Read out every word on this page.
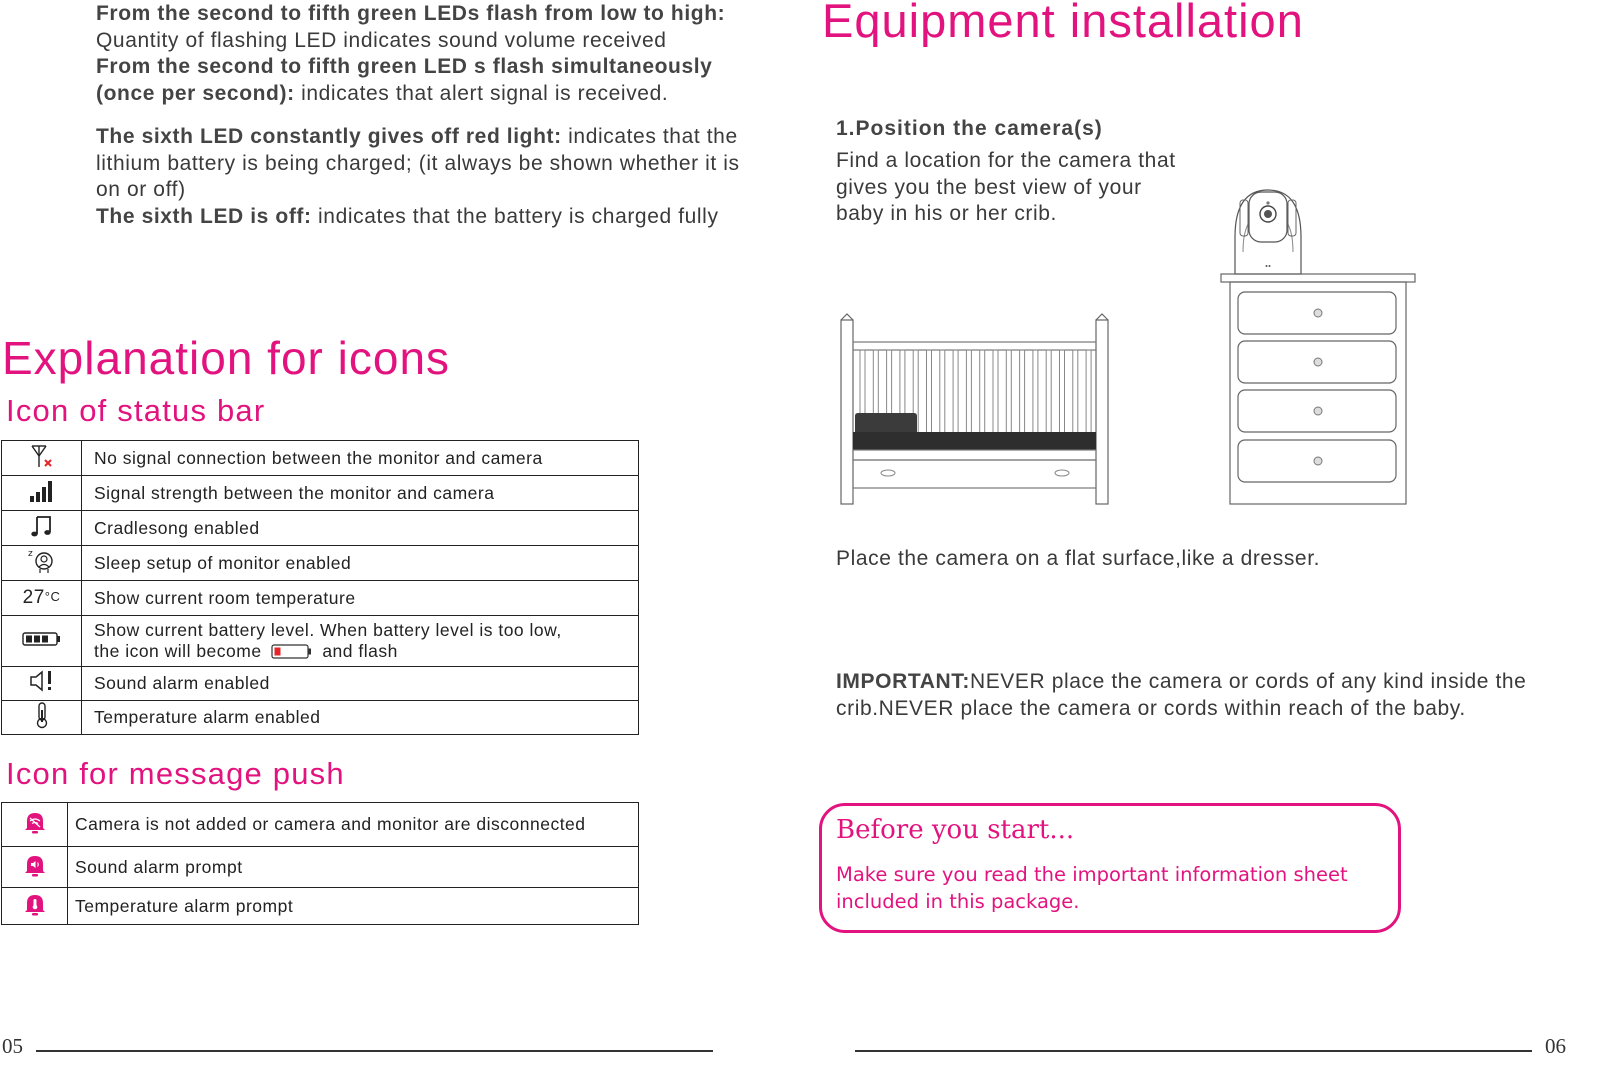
From the second to fifth green LEDs flash from low to high: Quantity of flashing LED indicates sound volume received
From the second to fifth green LED s flash simultaneously (once per second): indicates that alert signal is received.
The sixth LED constantly gives off red light: indicates that the lithium battery is being charged; (it always be shown whether it is on or off)
The sixth LED is off: indicates that the battery is charged fully
Explanation for icons
Icon of status bar
	No signal connection between the monitor and camera
	Signal strength between the monitor and camera
	Cradlesong enabled

z	Sleep setup of monitor enabled
27°C	Show current room temperature

Show current battery level. When battery level is too low,
the icon will become and flash

	Sound alarm enabled
	Temperature alarm enabled
Icon for message push
	Camera is not added or camera and monitor are disconnected
	Sound alarm prompt
	Temperature alarm prompt
05
Equipment installation
1.Position the camera(s)
Find a location for the camera that gives you the best view of your baby in his or her crib.
Place the camera on a flat surface,like a dresser.
IMPORTANT:NEVER place the camera or cords of any kind inside the crib.NEVER place the camera or cords within reach of the baby.
Before you start...
Make sure you read the important information sheet included in this package.
06
